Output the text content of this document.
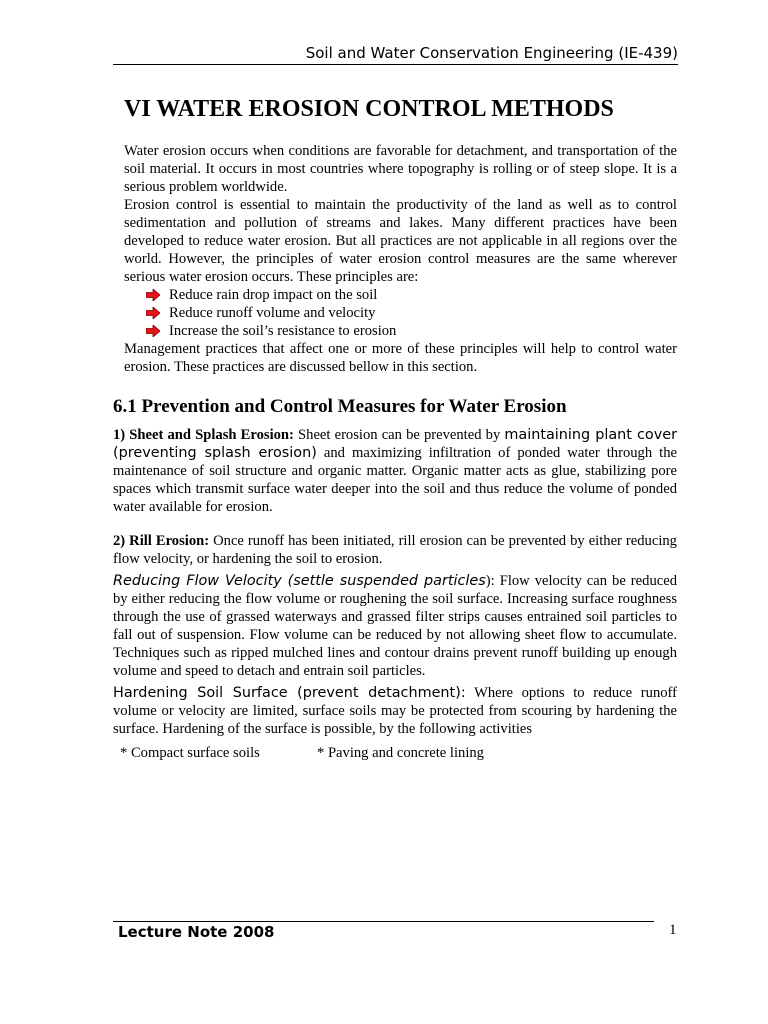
Soil and Water Conservation Engineering (IE-439)
VI WATER EROSION CONTROL METHODS

Water erosion occurs when conditions are favorable for detachment, and transportation of the soil material. It occurs in most countries where topography is rolling or of steep slope. It is a serious problem worldwide.

Erosion control is essential to maintain the productivity of the land as well as to control sedimentation and pollution of streams and lakes. Many different practices have been developed to reduce water erosion. But all practices are not applicable in all regions over the world. However, the principles of water erosion control measures are the same wherever serious water erosion occurs. These principles are:

Reduce rain drop impact on the soil
Reduce runoff volume and velocity
Increase the soil’s resistance to erosion

Management practices that affect one or more of these principles will help to control water erosion. These practices are discussed bellow in this section.

6.1 Prevention and Control Measures for Water Erosion

1) Sheet and Splash Erosion: Sheet erosion can be prevented by maintaining plant cover (preventing splash erosion) and maximizing infiltration of ponded water through the maintenance of soil structure and organic matter. Organic matter acts as glue, stabilizing pore spaces which transmit surface water deeper into the soil and thus reduce the volume of ponded water available for erosion.

2) Rill Erosion: Once runoff has been initiated, rill erosion can be prevented by either reducing flow velocity, or hardening the soil to erosion.

Reducing Flow Velocity (settle suspended particles): Flow velocity can be reduced by either reducing the flow volume or roughening the soil surface. Increasing surface roughness through the use of grassed waterways and grassed filter strips causes entrained soil particles to fall out of suspension. Flow volume can be reduced by not allowing sheet flow to accumulate. Techniques such as ripped mulched lines and contour drains prevent runoff building up enough volume and speed to detach and entrain soil particles.

Hardening Soil Surface (prevent detachment): Where options to reduce runoff volume or velocity are limited, surface soils may be protected from scouring by hardening the surface. Hardening of the surface is possible, by the following activities

* Compact surface soils	* Paving and concrete lining
Lecture Note 2008	1
